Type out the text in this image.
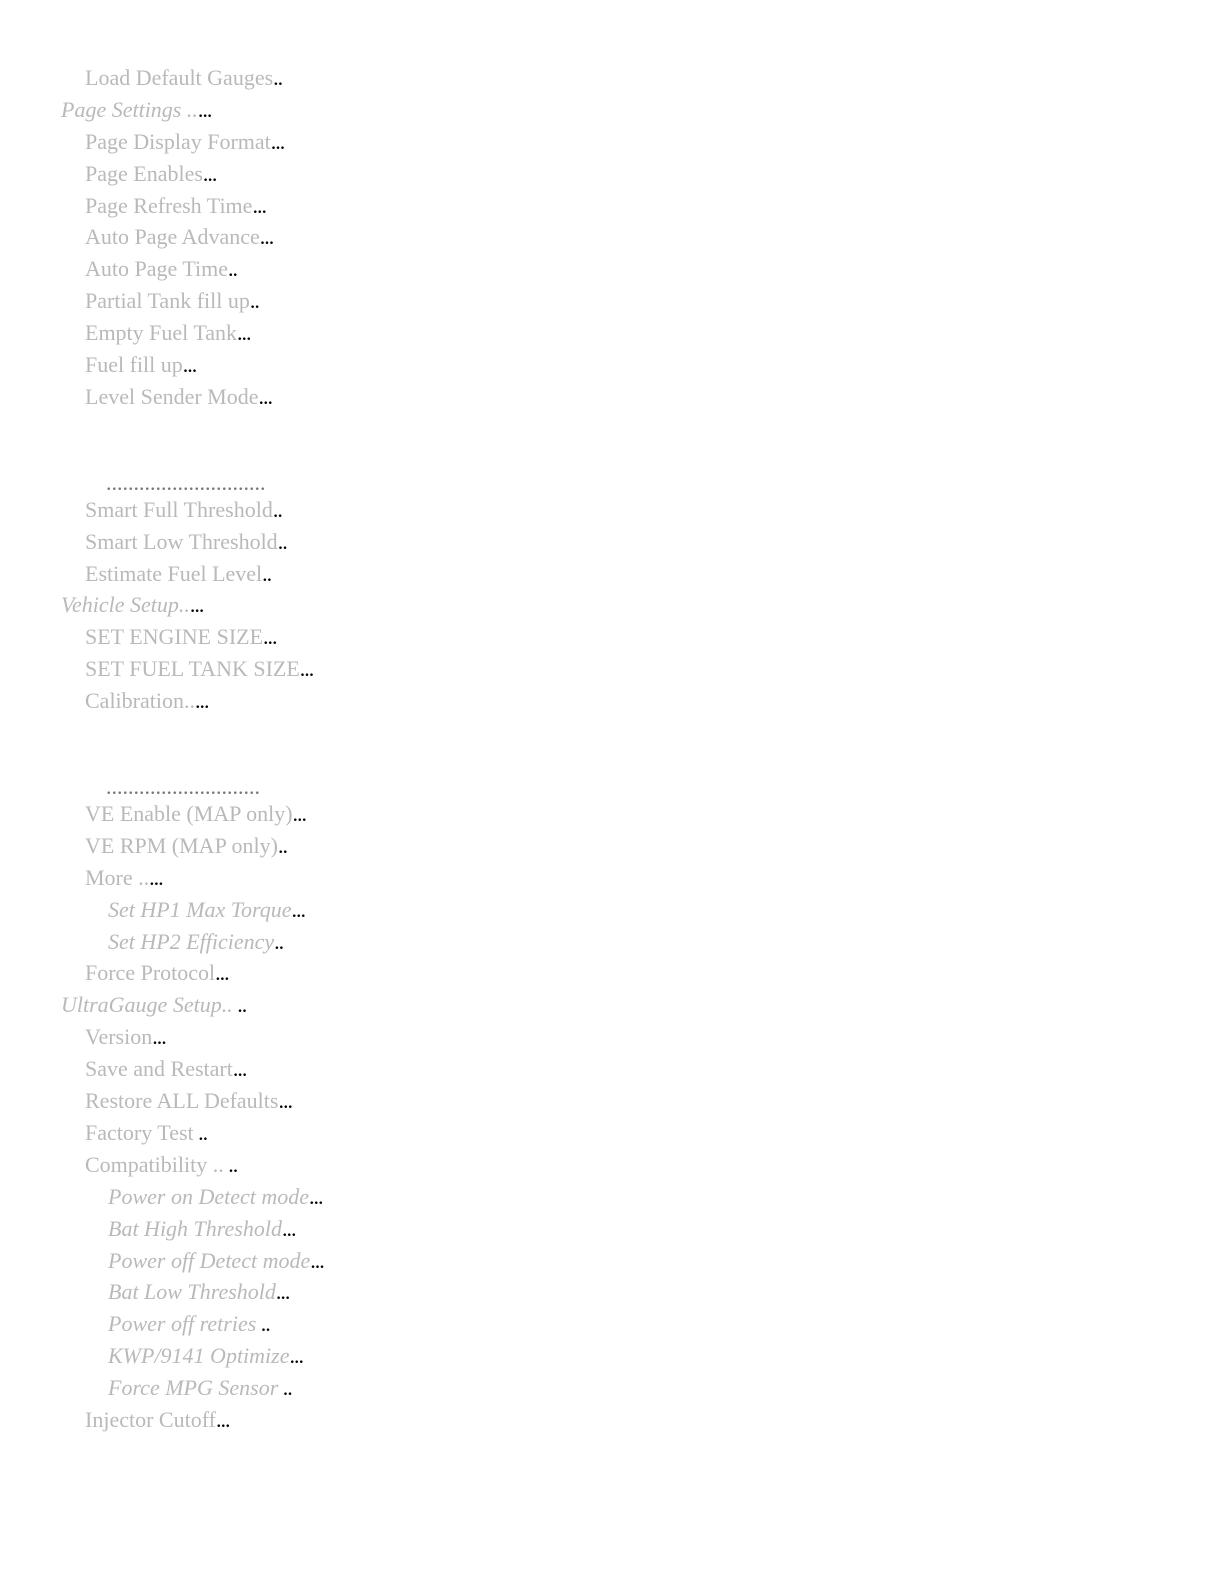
Load Default Gauges..
Page Settings .....
Page Display Format...
Page Enables...
Page Refresh Time...
Auto Page Advance...
Auto Page Time..
Partial Tank fill up..
Empty Fuel Tank...
Fuel fill up...
Level Sender Mode...
.............................
Smart Full Threshold..
Smart Low Threshold..
Estimate Fuel Level..
Vehicle Setup.....
SET ENGINE SIZE...
SET FUEL TANK SIZE...
Calibration.....
............................
VE Enable (MAP only)...
VE RPM (MAP only)..
More .....
Set HP1 Max Torque...
Set HP2 Efficiency..
Force Protocol...
UltraGauge Setup.. ..
Version...
Save and Restart...
Restore ALL Defaults...
Factory Test ..
Compatibility .. ..
Power on Detect mode...
Bat High Threshold...
Power off Detect mode...
Bat Low Threshold...
Power off retries ..
KWP/9141 Optimize...
Force MPG Sensor ..
Injector Cutoff...
